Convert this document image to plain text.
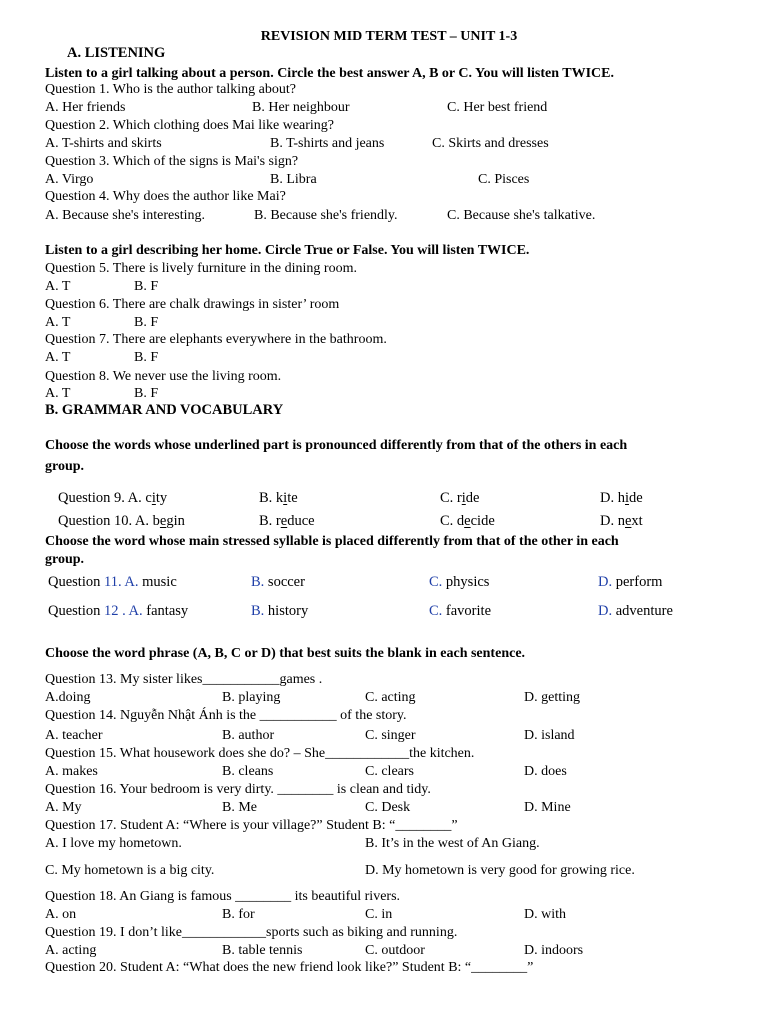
REVISION MID TERM TEST – UNIT 1-3
A. LISTENING
Listen to a girl talking about a person. Circle the best answer A, B or C. You will listen TWICE.
Question 1. Who is the author talking about?
A. Her friends	B. Her neighbour	C. Her best friend
Question 2. Which clothing does Mai like wearing?
A. T-shirts and skirts	B. T-shirts and jeans	C. Skirts and dresses
Question 3. Which of the signs is Mai's sign?
A. Virgo	B. Libra	C. Pisces
Question 4. Why does the author like Mai?
A. Because she's interesting.	B. Because she's friendly.	C. Because she's talkative.
Listen to a girl describing her home. Circle True or False. You will listen TWICE.
Question 5. There is lively furniture in the dining room.
A. T	B. F
Question 6. There are chalk drawings in sister’ room
A. T	B. F
Question 7. There are elephants everywhere in the bathroom.
A. T	B. F
Question 8. We never use the living room.
A. T	B. F
B. GRAMMAR AND VOCABULARY
Choose the words whose underlined part is pronounced differently from that of the others in each
group.
Question 9. A. city	B. kite	C. ride	D. hide
Question 10. A. begin	B. reduce	C. decide	D. next
Choose the word whose main stressed syllable is placed differently from that of the other in each
group.
Question 11. A. music	B. soccer	C. physics	D. perform
Question 12 . A. fantasy	B. history	C. favorite	D. adventure
Choose the word phrase (A, B, C or D) that best suits the blank in each sentence.
Question 13. My sister likes___________games .
A.doing	B. playing	C. acting	D. getting
Question 14. Nguyễn Nhật Ánh is the ___________ of the story.
A. teacher	B. author	C. singer	D. island
Question 15. What housework does she do? – She____________the kitchen.
A. makes	B. cleans	C. clears	D. does
Question 16. Your bedroom is very dirty. ________ is clean and tidy.
A. My	B. Me	C. Desk	D. Mine
Question 17. Student A: “Where is your village?” Student B: “________”
A. I love my hometown.	B. It’s in the west of An Giang.
C. My hometown is a big city.	D. My hometown is very good for growing rice.
Question 18. An Giang is famous ________ its beautiful rivers.
A. on	B. for	C. in	D. with
Question 19. I don’t like____________sports such as biking and running.
A. acting	B. table tennis	C. outdoor	D. indoors
Question 20. Student A: “What does the new friend look like?” Student B: “________”
